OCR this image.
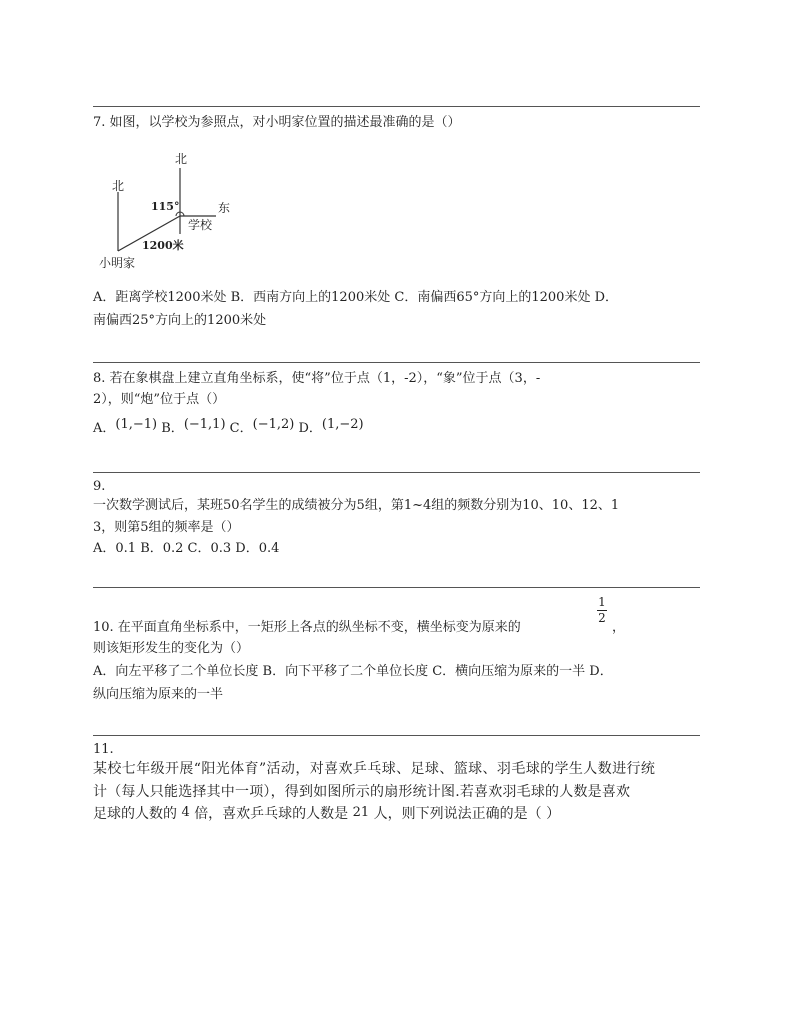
7. 如图，以学校为参照点，对小明家位置的描述最准确的是（）
北
北
东
115°
学校
1200米
小明家
A．距离学校1200米处 B．西南方向上的1200米处 C．南偏西65°方向上的1200米处 D．
南偏西25°方向上的1200米处
8. 若在象棋盘上建立直角坐标系，使“将”位于点（1，-2），“象”位于点（3，-
2），则“炮”位于点（）
A．(1,−1) B．(−1,1) C．(−1,2) D．(1,−2)
9.
一次数学测试后，某班50名学生的成绩被分为5组，第1~4组的频数分别为10、10、12、1
3，则第5组的频率是（）
A．0.1 B．0.2 C．0.3 D．0.4
10. 在平面直角坐标系中，一矩形上各点的纵坐标不变，横坐标变为原来的
1
2
，
则该矩形发生的变化为（）
A．向左平移了二个单位长度 B．向下平移了二个单位长度 C．横向压缩为原来的一半 D．
纵向压缩为原来的一半
11.
某校七年级开展“阳光体育”活动，对喜欢乒乓球、足球、篮球、羽毛球的学生人数进行统
计（每人只能选择其中一项），得到如图所示的扇形统计图.若喜欢羽毛球的人数是喜欢
足球的人数的 4 倍，喜欢乒乓球的人数是 21 人，则下列说法正确的是（ ）
